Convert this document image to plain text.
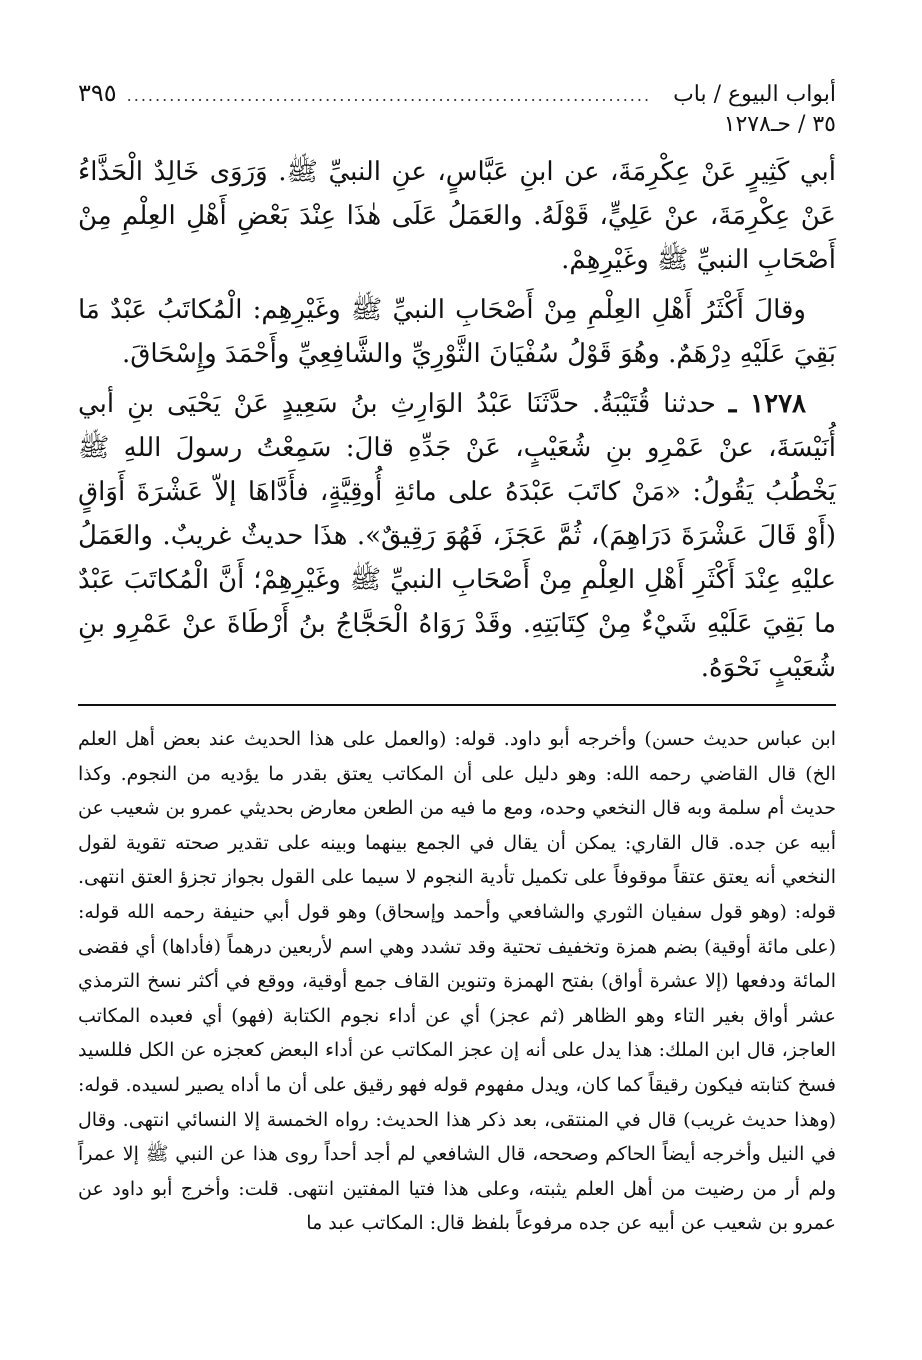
أبواب البيوع / باب ٣٥ / حـ١٢٧٨
..........................................................................
٣٩٥

أبي كَثِيرٍ عَنْ عِكْرِمَةَ، عن ابنِ عَبَّاسٍ، عنِ النبيِّ ﷺ. وَرَوَى خَالِدٌ الْحَذَّاءُ عَنْ عِكْرِمَةَ، عنْ عَلِيٍّ، قَوْلَهُ. والعَمَلُ عَلَى هٰذَا عِنْدَ بَعْضِ أَهْلِ العِلْمِ مِنْ أَصْحَابِ النبيِّ ﷺ وغَيْرِهِمْ.

وقالَ أَكْثَرُ أَهْلِ العِلْمِ مِنْ أَصْحَابِ النبيِّ ﷺ وغَيْرِهِم: الْمُكاتَبُ عَبْدٌ مَا بَقِيَ عَلَيْهِ دِرْهَمٌ. وهُوَ قَوْلُ سُفْيَانَ الثَّوْرِيِّ والشَّافِعِيِّ وأَحْمَدَ وإِسْحَاقَ.

١٢٧٨ ـ حدثنا قُتَيْبَةُ. حدَّثَنَا عَبْدُ الوَارِثِ بنُ سَعِيدٍ عَنْ يَحْيَى بنِ أبي أُنَيْسَةَ، عنْ عَمْرِو بنِ شُعَيْبٍ، عَنْ جَدِّهِ قالَ: سَمِعْتُ رسولَ اللهِ ﷺ يَخْطُبُ يَقُولُ: «مَنْ كاتَبَ عَبْدَهُ على مائةِ أُوقِيَّةٍ، فأَدَّاهَا إلاّ عَشْرَةَ أَوَاقٍ (أَوْ قَالَ عَشْرَةَ دَرَاهِمَ)، ثُمَّ عَجَزَ، فَهُوَ رَقِيقٌ». هذَا حديثٌ غريبٌ. والعَمَلُ عليْهِ عِنْدَ أَكْثَرِ أَهْلِ العِلْمِ مِنْ أَصْحَابِ النبيِّ ﷺ وغَيْرِهِمْ؛ أَنَّ الْمُكاتَبَ عَبْدٌ ما بَقِيَ عَلَيْهِ شَيْءٌ مِنْ كِتَابَتِهِ. وقَدْ رَوَاهُ الْحَجَّاجُ بنُ أَرْطَاةَ عنْ عَمْرِو بنِ شُعَيْبٍ نَحْوَهُ.

ابن عباس حديث حسن) وأخرجه أبو داود. قوله: (والعمل على هذا الحديث عند بعض أهل العلم الخ) قال القاضي رحمه الله: وهو دليل على أن المكاتب يعتق بقدر ما يؤديه من النجوم. وكذا حديث أم سلمة وبه قال النخعي وحده، ومع ما فيه من الطعن معارض بحديثي عمرو بن شعيب عن أبيه عن جده. قال القاري: يمكن أن يقال في الجمع بينهما وبينه على تقدير صحته تقوية لقول النخعي أنه يعتق عتقاً موقوفاً على تكميل تأدية النجوم لا سيما على القول بجواز تجزؤ العتق انتهى. قوله: (وهو قول سفيان الثوري والشافعي وأحمد وإسحاق) وهو قول أبي حنيفة رحمه الله قوله: (على مائة أوقية) بضم همزة وتخفيف تحتية وقد تشدد وهي اسم لأربعين درهماً (فأداها) أي فقضى المائة ودفعها (إلا عشرة أواق) بفتح الهمزة وتنوين القاف جمع أوقية، ووقع في أكثر نسخ الترمذي عشر أواق بغير التاء وهو الظاهر (ثم عجز) أي عن أداء نجوم الكتابة (فهو) أي فعبده المكاتب العاجز، قال ابن الملك: هذا يدل على أنه إن عجز المكاتب عن أداء البعض كعجزه عن الكل فللسيد فسخ كتابته فيكون رقيقاً كما كان، ويدل مفهوم قوله فهو رقيق على أن ما أداه يصير لسيده. قوله: (وهذا حديث غريب) قال في المنتقى، بعد ذكر هذا الحديث: رواه الخمسة إلا النسائي انتهى. وقال في النيل وأخرجه أيضاً الحاكم وصححه، قال الشافعي لم أجد أحداً روى هذا عن النبي ﷺ إلا عمراً ولم أر من رضيت من أهل العلم يثبته، وعلى هذا فتيا المفتين انتهى. قلت: وأخرج أبو داود عن عمرو بن شعيب عن أبيه عن جده مرفوعاً بلفظ قال: المكاتب عبد ما
